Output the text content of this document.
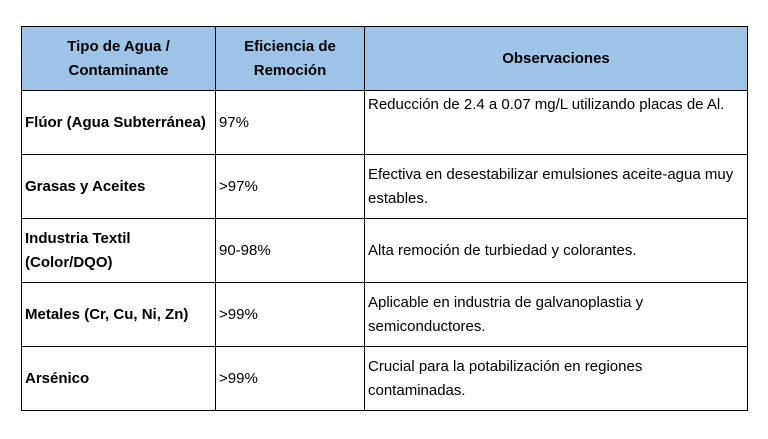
Tipo de Agua / Contaminante	Eficiencia de Remoción	Observaciones
Flúor (Agua Subterránea)	97%	Reducción de 2.4 a 0.07 mg/L utilizando placas de Al.
Grasas y Aceites	>97%	Efectiva en desestabilizar emulsiones aceite-agua muy estables.
Industria Textil (Color/DQO)	90-98%	Alta remoción de turbiedad y colorantes.
Metales (Cr, Cu, Ni, Zn)	>99%	Aplicable en industria de galvanoplastia y semiconductores.
Arsénico	>99%	Crucial para la potabilización en regiones contaminadas.
